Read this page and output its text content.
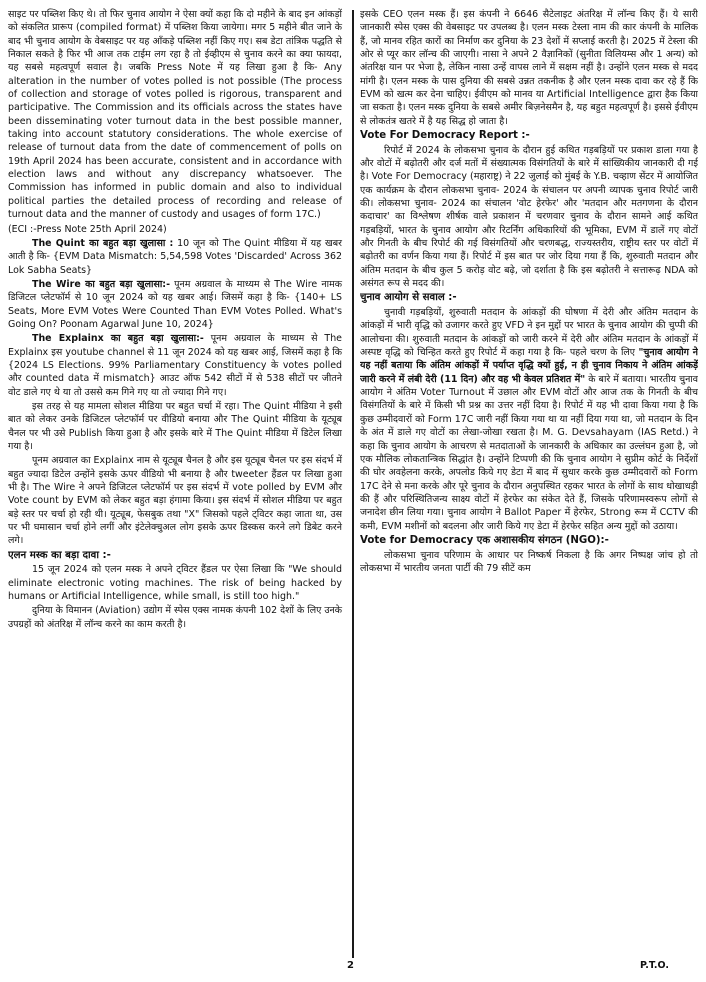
साइट पर पब्लिश किए थे। तो फिर चुनाव आयोग ने ऐसा क्यों कहा कि दो महीने के बाद इन आंकड़ों को संकलित प्रारूप (compiled format) में पब्लिश किया जायेगा। मगर 5 महीने बीत जाने के बाद भी चुनाव आयोग के वेबसाइट पर यह आँकड़े पब्लिश नहीं किए गए। सब डेटा तांत्रिक पद्धति से निकाल सकते है फिर भी आज तक टाईम लग रहा है तो ईव्हीएम से चुनाव करने का क्या फायदा, यह सबसे महत्वपूर्ण सवाल है। जबकि Press Note में यह लिखा हुआ है कि- Any alteration in the number of votes polled is not possible (The process of collection and storage of votes polled is rigorous, transparent and participative. The Commission and its officials across the states have been disseminating voter turnout data in the best possible manner, taking into account statutory considerations. The whole exercise of release of turnout data from the date of commencement of polls on 19th April 2024 has been accurate, consistent and in accordance with election laws and without any discrepancy whatsoever. The Commission has informed in public domain and also to individual political parties the detailed process of recording and release of turnout data and the manner of custody and usages of form 17C.)

(ECI :-Press Note 25th April 2024)

The Quint का बहुत बड़ा खुलासा : 10 जून को The Quint मीडिया में यह खबर आती है कि- {EVM Data Mismatch: 5,54,598 Votes 'Discarded' Across 362 Lok Sabha Seats}

The Wire का बहुत बड़ा खुलासा:- पूनम अग्रवाल के माध्यम से The Wire नामक डिजिटल प्लेटफॉर्म से 10 जून 2024 को यह खबर आई। जिसमें कहा है कि- {140+ LS Seats, More EVM Votes Were Counted Than EVM Votes Polled. What's Going On? Poonam Agarwal June 10, 2024}

The Explainx का बहुत बड़ा खुलासा:- पूनम अग्रवाल के माध्यम से The Explainx इस youtube channel से 11 जून 2024 को यह खबर आई, जिसमें कहा है कि {2024 LS Elections. 99% Parliamentary Constituency के votes polled और counted data में mismatch} आउट ऑफ 542 सीटों में से 538 सीटों पर जीतने वोट डाले गए थे या तो उससे कम गिने गए या तो ज्यादा गिने गए।

इस तरह से यह मामला सोशल मीडिया पर बहुत चर्चा में रहा। The Quint मीडिया ने इसी बात को लेकर उनके डिजिटल प्लेटफॉर्म पर वीडियो बनाया और The Quint मीडिया के यूट्यूब चैनल पर भी उसे Publish किया हुआ है और इसके बारे में The Quint मीडिया में डिटेल लिखा गया है।

पूनम अग्रवाल का Explainx नाम से यूट्यूब चैनल है और इस यूट्यूब चैनल पर इस संदर्भ में बहुत ज्यादा डिटेल उन्होंने इसके ऊपर वीडियो भी बनाया है और tweeter हैंडल पर लिखा हुआ भी है। The Wire ने अपने डिजिटल प्लेटफॉर्म पर इस संदर्भ में vote polled by EVM और Vote count by EVM को लेकर बहुत बड़ा हंगामा किया। इस संदर्भ में सोशल मीडिया पर बहुत बड़े स्तर पर चर्चा हो रही थी। यूट्यूब, फेसबुक तथा "X" जिसको पहले ट्विटर कहा जाता था, उस पर भी घमासान चर्चा होने लगीं और इंटेलेक्चुअल लोग इसके ऊपर डिस्कस करने लगे डिबेट करने लगे।

एलन मस्क का बड़ा दावा :-

15 जून 2024 को एलन मस्क ने अपने ट्विटर हैंडल पर ऐसा लिखा कि "We should eliminate electronic voting machines. The risk of being hacked by humans or Artificial Intelligence, while small, is still too high."

दुनिया के विमानन (Aviation) उद्योग में स्पेस एक्स नामक कंपनी 102 देशों के लिए उनके उपग्रहों को अंतरिक्ष में लॉन्च करने का काम करती है।

इसके CEO एलन मस्क हैं। इस कंपनी ने 6646 सैटेलाइट अंतरिक्ष में लॉन्च किए हैं। ये सारी जानकारी स्पेस एक्स की वेबसाइट पर उपलब्ध है। एलन मस्क टेस्ला नाम की कार कंपनी के मालिक हैं, जो मानव रहित कारों का निर्माण कर दुनिया के 23 देशों में सप्लाई करती है। 2025 में टेस्ला की ओर से प्यूर कार लॉन्च की जाएगी। नासा ने अपने 2 वैज्ञानिकों (सुनीता विलियम्स और 1 अन्य) को अंतरिक्ष यान पर भेजा है, लेकिन नासा उन्हें वापस लाने में सक्षम नहीं है। उन्होंने एलन मस्क से मदद मांगी है। एलन मस्क के पास दुनिया की सबसे उन्नत तकनीक है और एलन मस्क दावा कर रहे हैं कि EVM को खत्म कर देना चाहिए। ईवीएम को मानव या Artificial Intelligence द्वारा हैक किया जा सकता है। एलन मस्क दुनिया के सबसे अमीर बिज़नेसमैन है, यह बहुत महत्वपूर्ण है। इससे ईवीएम से लोकतंत्र खतरे में है यह सिद्ध हो जाता है।

Vote For Democracy Report :-

रिपोर्ट में 2024 के लोकसभा चुनाव के दौरान हुई कथित गड़बड़ियों पर प्रकाश डाला गया है और वोटों में बढ़ोतरी और दर्ज मतों में संख्यात्मक विसंगतियों के बारे में सांख्यिकीय जानकारी दी गई है। Vote For Democracy (महाराष्ट्र) ने 22 जुलाई को मुंबई के Y.B. चव्हाण सेंटर में आयोजित एक कार्यक्रम के दौरान लोकसभा चुनाव- 2024 के संचालन पर अपनी व्यापक चुनाव रिपोर्ट जारी की। लोकसभा चुनाव- 2024 का संचालन 'वोट हेरफेर' और 'मतदान और मतगणना के दौरान कदाचार' का विश्लेषण शीर्षक वाले प्रकाशन में चरणवार चुनाव के दौरान सामने आई कथित गड़बड़ियों, भारत के चुनाव आयोग और रिटर्निंग अधिकारियों की भूमिका, EVM में डालें गए वोटों और गिनती के बीच रिपोर्ट की गई विसंगतियों और चरणबद्ध, राज्यस्तरीय, राष्ट्रीय स्तर पर वोटों में बढ़ोतरी का वर्णन किया गया हैं। रिपोर्ट में इस बात पर जोर दिया गया हैं कि, शुरुवाती मतदान और अंतिम मतदान के बीच कुल 5 करोड़ वोट बढ़े, जो दर्शाता है कि इस बढ़ोतरी ने सत्तारूढ़ NDA को असंगत रूप से मदद की।

चुनाव आयोग से सवाल :-

चुनावी गड़बड़ियों, शुरुवाती मतदान के आंकड़ों की घोषणा में देरी और अंतिम मतदान के आंकड़ों में भारी वृद्धि को उजागर करते हुए VFD ने इन मुद्दों पर भारत के चुनाव आयोग की चुप्पी की आलोचना की। शुरुवाती मतदान के आंकड़ों को जारी करने में देरी और अंतिम मतदान के आंकड़ों में अस्पष्ट वृद्धि को चिन्हित करते हुए रिपोर्ट में कहा गया है कि- पहले चरण के लिए "चुनाव आयोग ने यह नहीं बताया कि अंतिम आंकड़ों में पर्याप्त वृद्धि क्यों हुई, न ही चुनाव निकाय ने अंतिम आंकड़ें जारी करने में लंबी देरी (11 दिन) और वह भी केवल प्रतिशत में" के बारे में बताया। भारतीय चुनाव आयोग ने अंतिम Voter Turnout में उछाल और EVM वोटों और आज तक के गिनती के बीच विसंगतियों के बारे में किसी भी प्रश्न का उत्तर नहीं दिया है। रिपोर्ट में यह भी दावा किया गया है कि कुछ उम्मीदवारों को Form 17C जारी नहीं किया गया था या नहीं दिया गया था, जो मतदान के दिन के अंत में डाले गए वोटों का लेखा-जोखा रखता है। M. G. Devsahayam (IAS Retd.) ने कहा कि चुनाव आयोग के आचरण से मतदाताओं के जानकारी के अधिकार का उल्लंघन हुआ है, जो एक मौलिक लोकतान्त्रिक सिद्धांत है। उन्होंने टिप्पणी की कि चुनाव आयोग ने सुप्रीम कोर्ट के निर्देशों की घोर अवहेलना करके, अपलोड किये गए डेटा में बाद में सुधार करके कुछ उम्मीदवारों को Form 17C देने से मना करके और पूरे चुनाव के दौरान अनुपस्थित रहकर भारत के लोगों के साथ धोखाधड़ी की हैं और परिस्थितिजन्य साक्ष्य वोटों में हेरफेर का संकेत देते हैं, जिसके परिणामस्वरूप लोगों से जनादेश छीन लिया गया। चुनाव आयोग ने Ballot Paper में हेरफेर, Strong रूम में CCTV की कमी, EVM मशीनों को बदलना और जारी किये गए डेटा में हेरफेर सहित अन्य मुद्दों को उठाया।

Vote for Democracy एक अशासकीय संगठन (NGO):-

लोकसभा चुनाव परिणाम के आधार पर निष्कर्ष निकला है कि अगर निष्पक्ष जांच हो तो लोकसभा में भारतीय जनता पार्टी की 79 सीटें कम

2	P.T.O.
